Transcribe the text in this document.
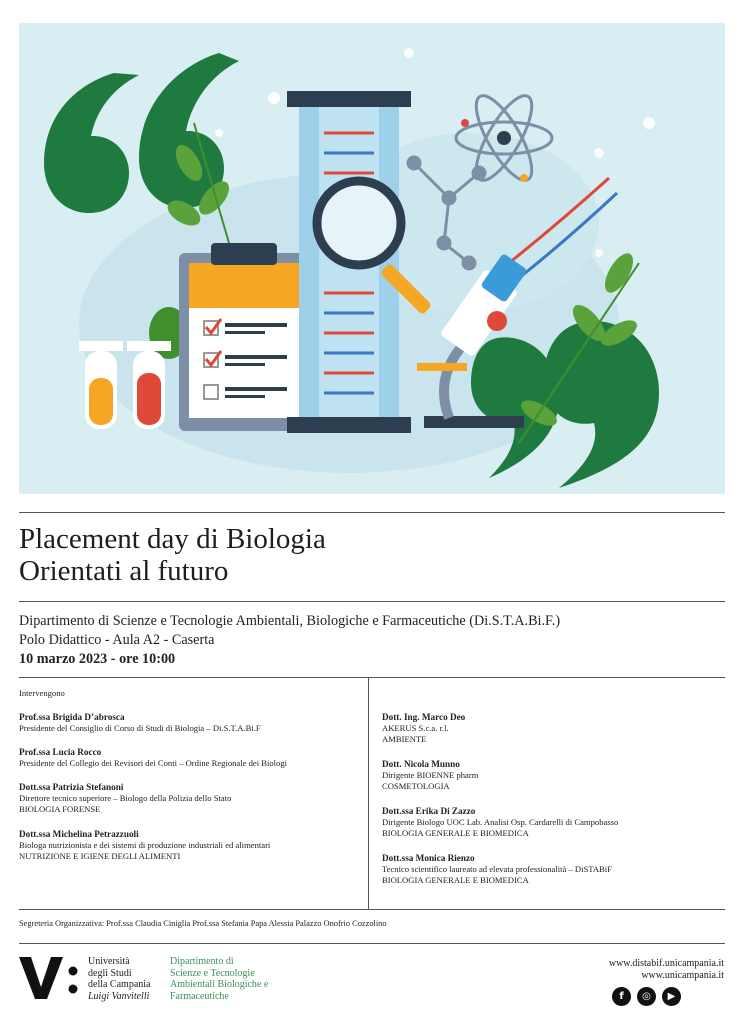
Placement day di Biologia
Orientati al futuro
Dipartimento di Scienze e Tecnologie Ambientali, Biologiche e Farmaceutiche (Di.S.T.A.Bi.F.)
Polo Didattico - Aula A2 - Caserta
10 marzo 2023 - ore 10:00
Intervengono
Prof.ssa Brigida D’abrosca
Presidente del Consiglio di Corso di Studi di Biologia – Di.S.T.A.Bi.F
Prof.ssa Lucia Rocco
Presidente del Collegio dei Revisori dei Conti – Ordine Regionale dei Biologi
Dott.ssa Patrizia Stefanoni
Direttore tecnico superiore – Biologo della Polizia dello Stato
BIOLOGIA FORENSE
Dott.ssa Michelina Petrazzuoli
Biologa nutrizionista e dei sistemi di produzione industriali ed alimentari
NUTRIZIONE E IGIENE DEGLI ALIMENTI
Dott. Ing. Marco Deo
AKERUS S.c.a. r.l.
AMBIENTE
Dott. Nicola Munno
Dirigente BIOENNE pharm
COSMETOLOGIA
Dott.ssa Erika Di Zazzo
Dirigente Biologo UOC Lab. Analisi Osp. Cardarelli di Campobasso
BIOLOGIA GENERALE E BIOMEDICA
Dott.ssa Monica Rienzo
Tecnico scientifico laureato ad elevata professionalità – DiSTABiF
BIOLOGIA GENERALE E BIOMEDICA
Segreteria Organizzativa: Prof.ssa Claudia Ciniglia Prof.ssa Stefania Papa Alessia Palazzo Onofrio Cozzolino
Università
degli Studi
della Campania
Luigi Vanvitelli
Dipartimento di
Scienze e Tecnologie
Ambientali Biologiche e
Farmaceutiche
www.distabif.unicampania.it
www.unicampania.it
f	◎	▶
